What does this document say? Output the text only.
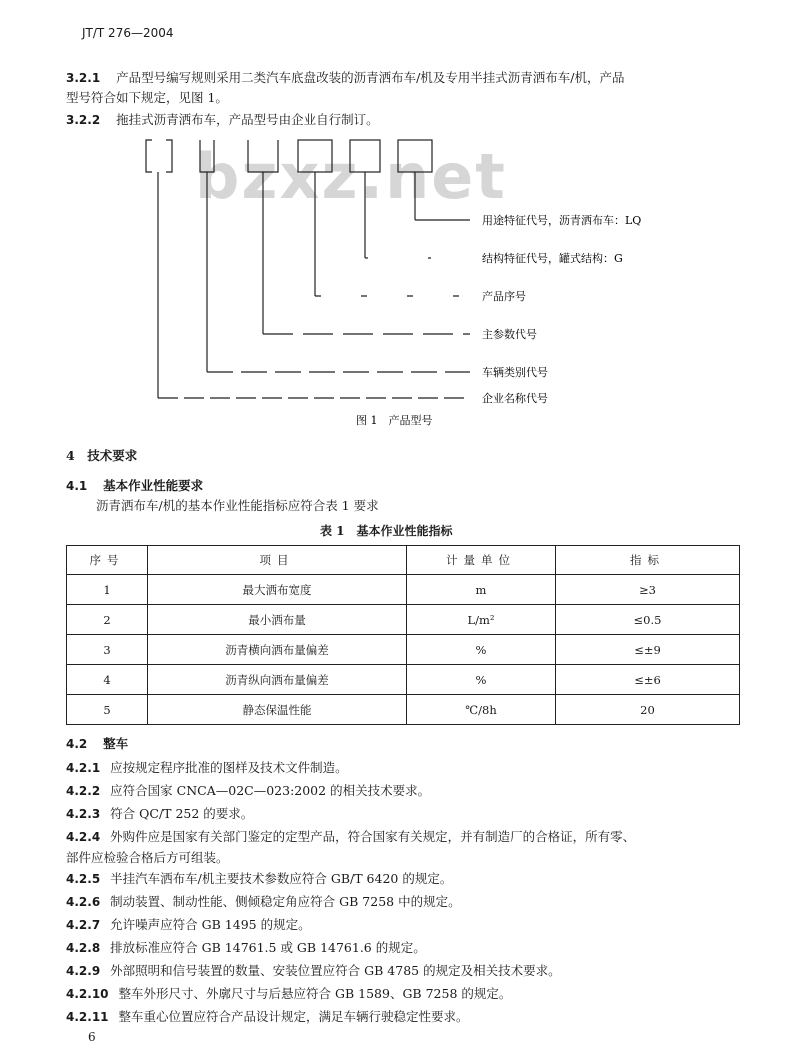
JT/T 276—2004
bzxz.net
3.2.1 产品型号编写规则采用二类汽车底盘改装的沥青洒布车/机及专用半挂式沥青洒布车/机，产品
型号符合如下规定，见图 1。
3.2.2 拖挂式沥青洒布车，产品型号由企业自行制订。
用途特征代号，沥青洒布车：LQ
结构特征代号，罐式结构：G
产品序号
主参数代号
车辆类别代号
企业名称代号
图 1　产品型号
4　技术要求
4.1 基本作业性能要求
沥青洒布车/机的基本作业性能指标应符合表 1 要求
表 1　基本作业性能指标
序号	项目	计量单位	指标
1	最大洒布宽度	m	≥3
2	最小洒布量	L/m²	≤0.5
3	沥青横向洒布量偏差	%	≤±9
4	沥青纵向洒布量偏差	%	≤±6
5	静态保温性能	℃/8h	20
4.2 整车
4.2.1 应按规定程序批准的图样及技术文件制造。
4.2.2 应符合国家 CNCA—02C—023:2002 的相关技术要求。
4.2.3 符合 QC/T 252 的要求。
4.2.4 外购件应是国家有关部门鉴定的定型产品，符合国家有关规定，并有制造厂的合格证，所有零、
部件应检验合格后方可组装。
4.2.5 半挂汽车洒布车/机主要技术参数应符合 GB/T 6420 的规定。
4.2.6 制动装置、制动性能、侧倾稳定角应符合 GB 7258 中的规定。
4.2.7 允许噪声应符合 GB 1495 的规定。
4.2.8 排放标准应符合 GB 14761.5 或 GB 14761.6 的规定。
4.2.9 外部照明和信号装置的数量、安装位置应符合 GB 4785 的规定及相关技术要求。
4.2.10 整车外形尺寸、外廓尺寸与后悬应符合 GB 1589、GB 7258 的规定。
4.2.11 整车重心位置应符合产品设计规定，满足车辆行驶稳定性要求。
6
